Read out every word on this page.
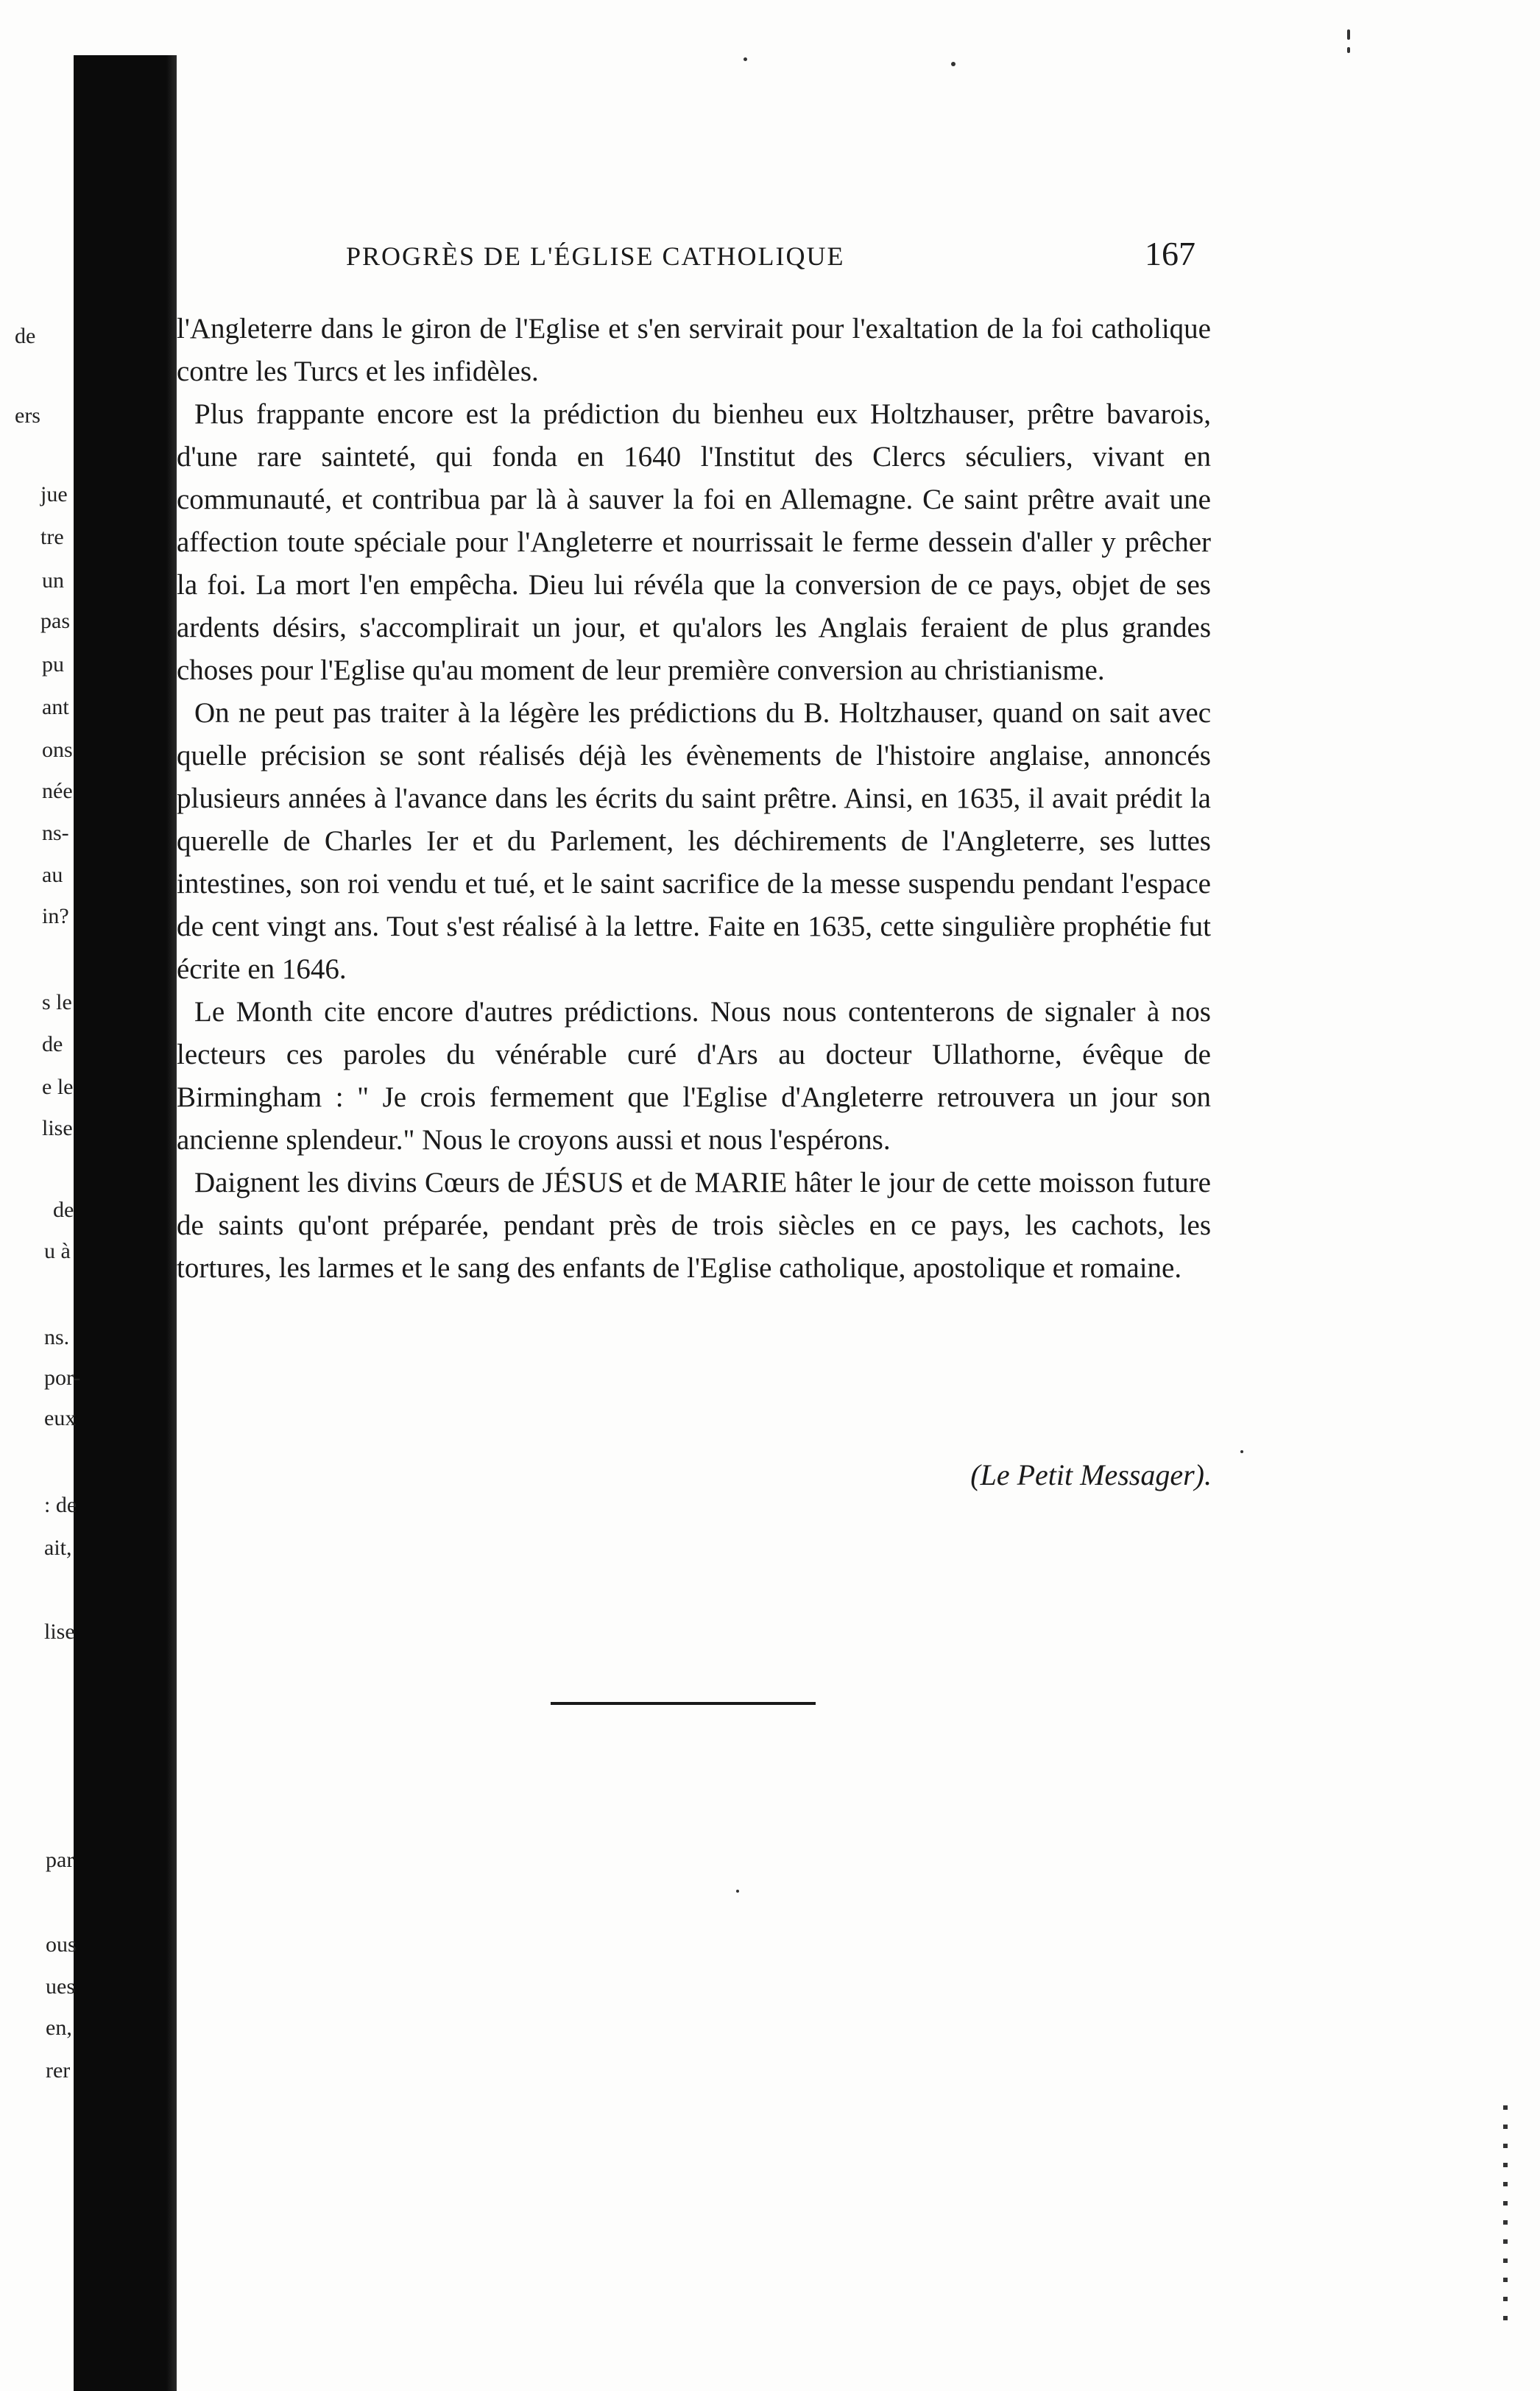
de
ers
jue
tre
un
pas
pu
ant
ons
née
ns-
au
in?
s le
de
e le
lise
de
u à
ns.
por-
eux
: de
ait,
lise
par
ous
ues
en,
rer
PROGRÈS DE L'ÉGLISE CATHOLIQUE	167

l'Angleterre dans le giron de l'Eglise et s'en servirait pour l'exaltation de la foi catholique contre les Turcs et les infidèles.

Plus frappante encore est la prédiction du bienheu eux Holtzhauser, prêtre bavarois, d'une rare sainteté, qui fonda en 1640 l'Institut des Clercs séculiers, vivant en communauté, et contribua par là à sauver la foi en Allemagne. Ce saint prêtre avait une affection toute spéciale pour l'Angleterre et nourrissait le ferme dessein d'aller y prêcher la foi. La mort l'en empêcha. Dieu lui révéla que la conversion de ce pays, objet de ses ardents désirs, s'accomplirait un jour, et qu'alors les Anglais feraient de plus grandes choses pour l'Eglise qu'au moment de leur première conversion au christianisme.

On ne peut pas traiter à la légère les prédictions du B. Holtzhauser, quand on sait avec quelle précision se sont réalisés déjà les évènements de l'histoire anglaise, annoncés plusieurs années à l'avance dans les écrits du saint prêtre. Ainsi, en 1635, il avait prédit la querelle de Charles Ier et du Parlement, les déchirements de l'Angleterre, ses luttes intestines, son roi vendu et tué, et le saint sacrifice de la messe suspendu pendant l'espace de cent vingt ans. Tout s'est réalisé à la lettre. Faite en 1635, cette singulière prophétie fut écrite en 1646.

Le Month cite encore d'autres prédictions. Nous nous contenterons de signaler à nos lecteurs ces paroles du vénérable curé d'Ars au docteur Ullathorne, évêque de Birmingham : " Je crois fermement que l'Eglise d'Angleterre retrouvera un jour son ancienne splendeur." Nous le croyons aussi et nous l'espérons.

Daignent les divins Cœurs de JÉSUS et de MARIE hâter le jour de cette moisson future de saints qu'ont préparée, pendant près de trois siècles en ce pays, les cachots, les tortures, les larmes et le sang des enfants de l'Eglise catholique, apostolique et romaine.

(Le Petit Messager).
